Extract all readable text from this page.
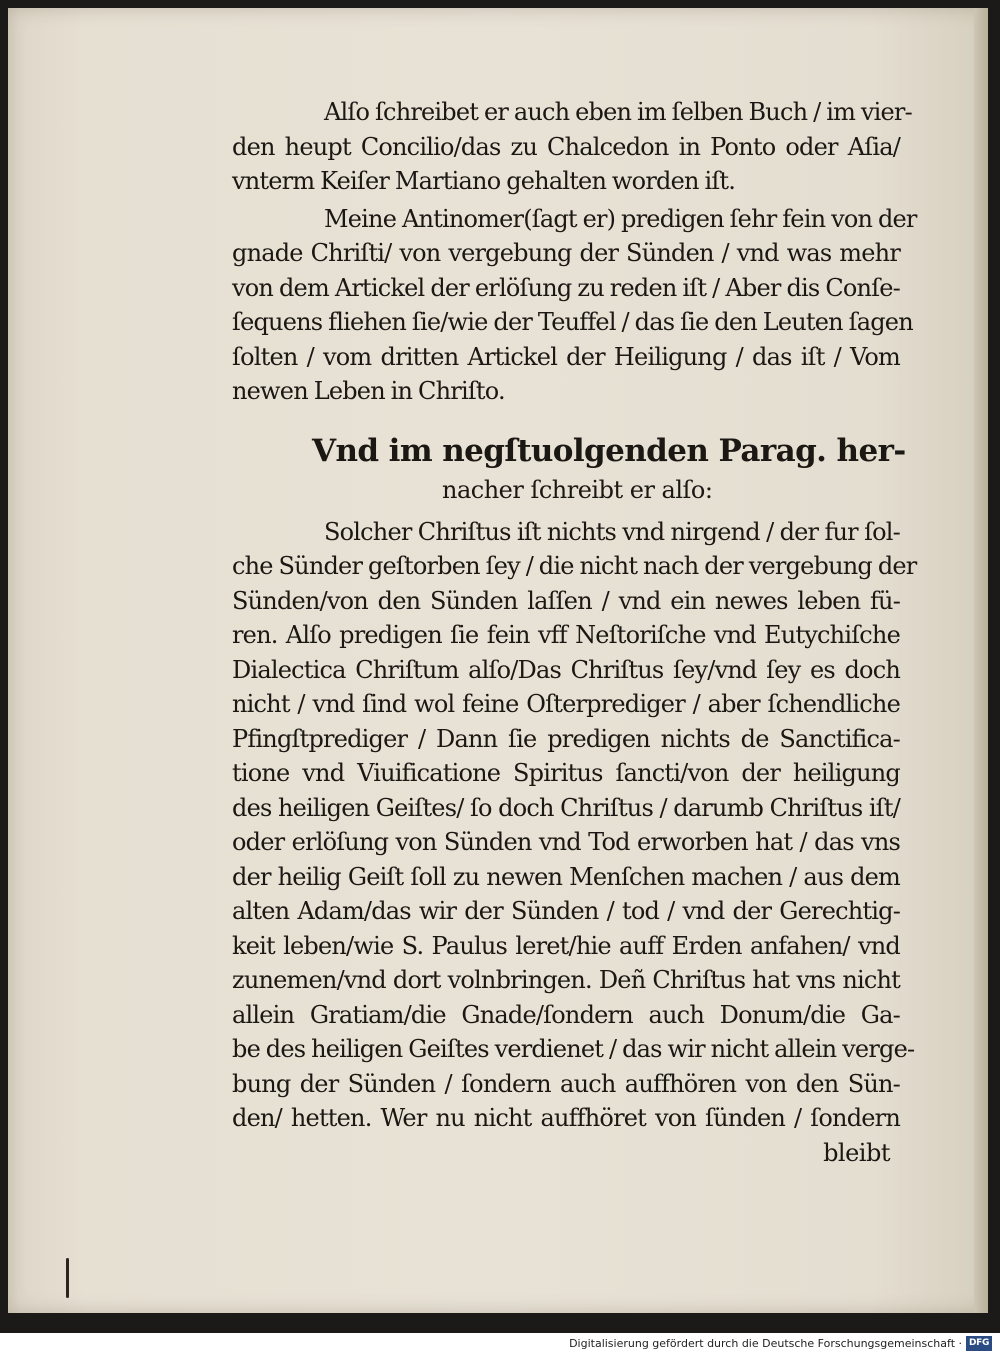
Alſo ſchreibet er auch eben im ſelben Buch / im vier-
den heupt Concilio/das zu Chalcedon in Ponto oder Aſia/
vnterm Keiſer Martiano gehalten worden iſt.
Meine Antinomer(ſagt er) predigen ſehr fein von der
gnade Chriſti/ von vergebung der Sünden / vnd was mehr
von dem Artickel der erlöſung zu reden iſt / Aber dis Conſe-
ſequens fliehen ſie/wie der Teuffel / das ſie den Leuten ſagen
ſolten / vom dritten Artickel der Heiligung / das iſt / Vom
newen Leben in Chriſto.
Vnd im negſtuolgenden Parag. her-
nacher ſchreibt er alſo:
Solcher Chriſtus iſt nichts vnd nirgend / der fur ſol-
che Sünder geſtorben ſey / die nicht nach der vergebung der
Sünden/von den Sünden laſſen / vnd ein newes leben fü-
ren. Alſo predigen ſie fein vff Neſtoriſche vnd Eutychiſche
Dialectica Chriſtum alſo/Das Chriſtus ſey/vnd ſey es doch
nicht / vnd ſind wol feine Oſterprediger / aber ſchendliche
Pfingſtprediger / Dann ſie predigen nichts de Sanctifica-
tione vnd Viuificatione Spiritus ſancti/von der heiligung
des heiligen Geiſtes/ ſo doch Chriſtus / darumb Chriſtus iſt/
oder erlöſung von Sünden vnd Tod erworben hat / das vns
der heilig Geiſt ſoll zu newen Menſchen machen / aus dem
alten Adam/das wir der Sünden / tod / vnd der Gerechtig-
keit leben/wie S. Paulus leret/hie auff Erden anfahen/ vnd
zunemen/vnd dort volnbringen. Deñ Chriſtus hat vns nicht
allein Gratiam/die Gnade/ſondern auch Donum/die Ga-
be des heiligen Geiſtes verdienet / das wir nicht allein verge-
bung der Sünden / ſondern auch auffhören von den Sün-
den/ hetten. Wer nu nicht auffhöret von ſünden / ſondern
bleibt
Digitalisierung gefördert durch die Deutsche Forschungsgemeinschaft · DFG
